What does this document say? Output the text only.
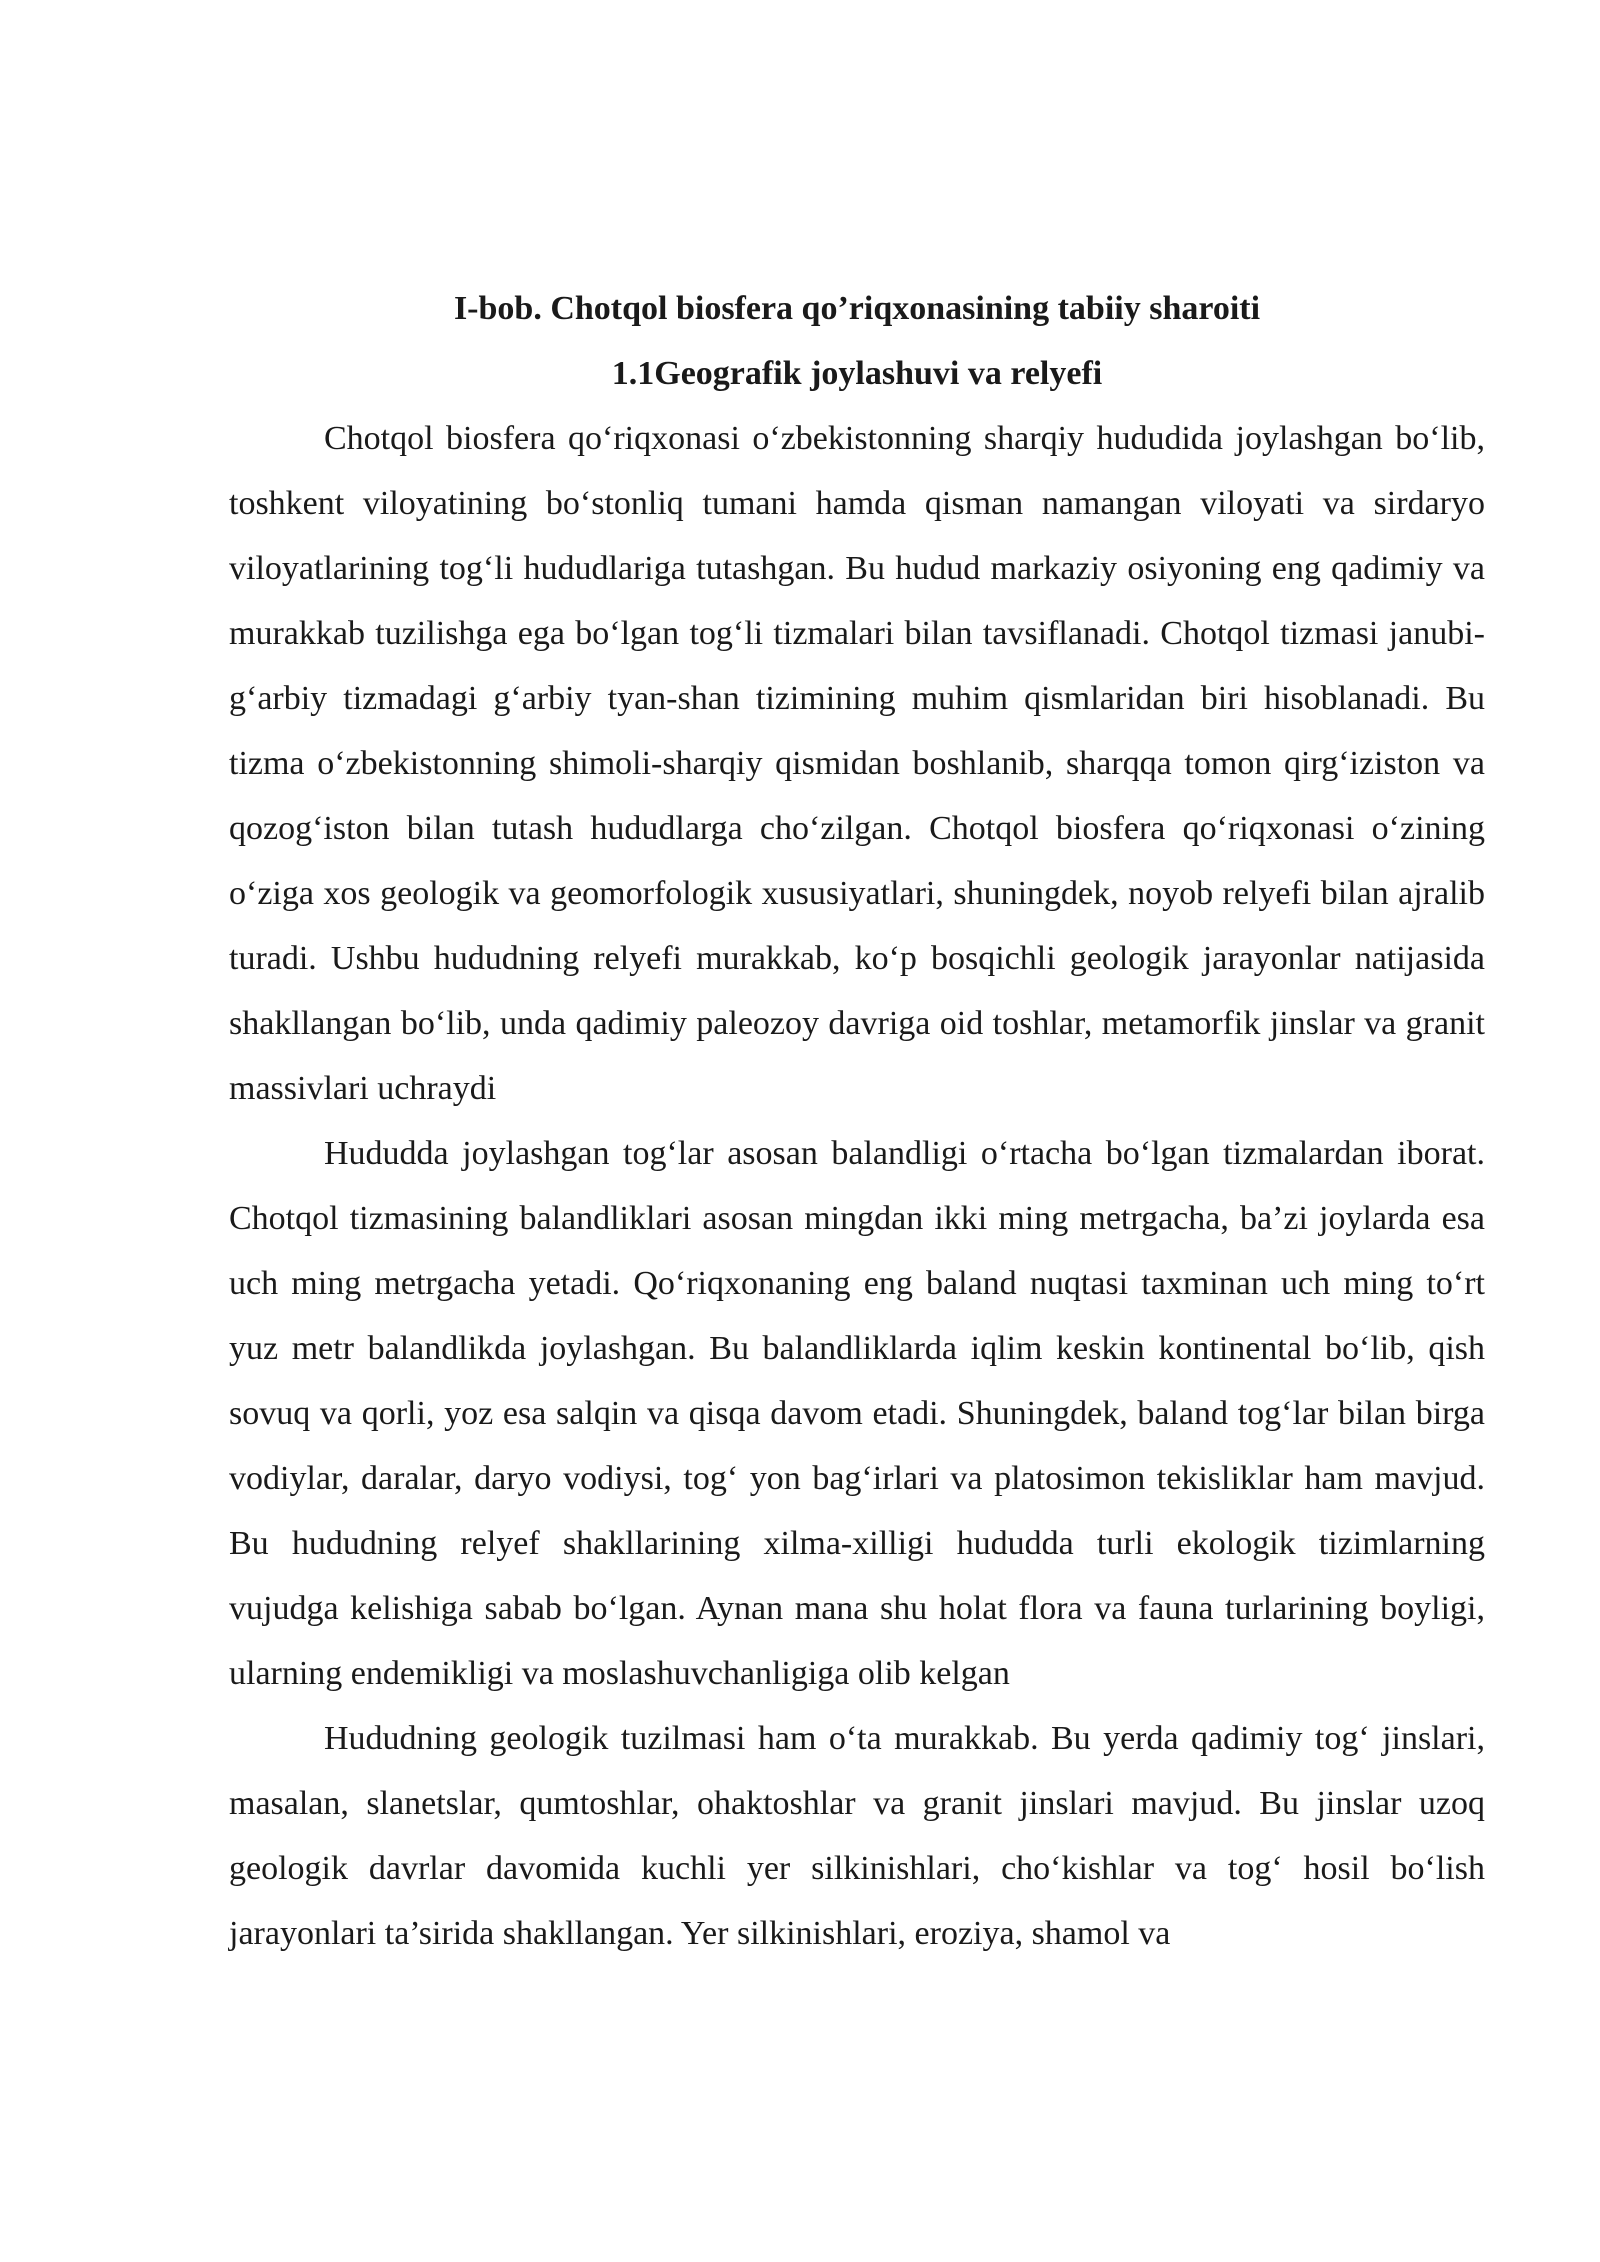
I-bob. Chotqol biosfera qo’riqxonasining tabiiy sharoiti
1.1Geografik joylashuvi va relyefi

Chotqol biosfera qo‘riqxonasi o‘zbekistonning sharqiy hududida joylashgan bo‘lib, toshkent viloyatining bo‘stonliq tumani hamda qisman namangan viloyati va sirdaryo viloyatlarining tog‘li hududlariga tutashgan. Bu hudud markaziy osiyoning eng qadimiy va murakkab tuzilishga ega bo‘lgan tog‘li tizmalari bilan tavsiflanadi. Chotqol tizmasi janubi-g‘arbiy tizmadagi g‘arbiy tyan-shan tizimining muhim qismlaridan biri hisoblanadi. Bu tizma o‘zbekistonning shimoli-sharqiy qismidan boshlanib, sharqqa tomon qirg‘iziston va qozog‘iston bilan tutash hududlarga cho‘zilgan. Chotqol biosfera qo‘riqxonasi o‘zining o‘ziga xos geologik va geomorfologik xususiyatlari, shuningdek, noyob relyefi bilan ajralib turadi. Ushbu hududning relyefi murakkab, ko‘p bosqichli geologik jarayonlar natijasida shakllangan bo‘lib, unda qadimiy paleozoy davriga oid toshlar, metamorfik jinslar va granit massivlari uchraydi

Hududda joylashgan tog‘lar asosan balandligi o‘rtacha bo‘lgan tizmalardan iborat. Chotqol tizmasining balandliklari asosan mingdan ikki ming metrgacha, ba’zi joylarda esa uch ming metrgacha yetadi. Qo‘riqxonaning eng baland nuqtasi taxminan uch ming to‘rt yuz metr balandlikda joylashgan. Bu balandliklarda iqlim keskin kontinental bo‘lib, qish sovuq va qorli, yoz esa salqin va qisqa davom etadi. Shuningdek, baland tog‘lar bilan birga vodiylar, daralar, daryo vodiysi, tog‘ yon bag‘irlari va platosimon tekisliklar ham mavjud. Bu hududning relyef shakllarining xilma-xilligi hududda turli ekologik tizimlarning vujudga kelishiga sabab bo‘lgan. Aynan mana shu holat flora va fauna turlarining boyligi, ularning endemikligi va moslashuvchanligiga olib kelgan

Hududning geologik tuzilmasi ham o‘ta murakkab. Bu yerda qadimiy tog‘ jinslari, masalan, slanetslar, qumtoshlar, ohaktoshlar va granit jinslari mavjud. Bu jinslar uzoq geologik davrlar davomida kuchli yer silkinishlari, cho‘kishlar va tog‘ hosil bo‘lish jarayonlari ta’sirida shakllangan. Yer silkinishlari, eroziya, shamol va
